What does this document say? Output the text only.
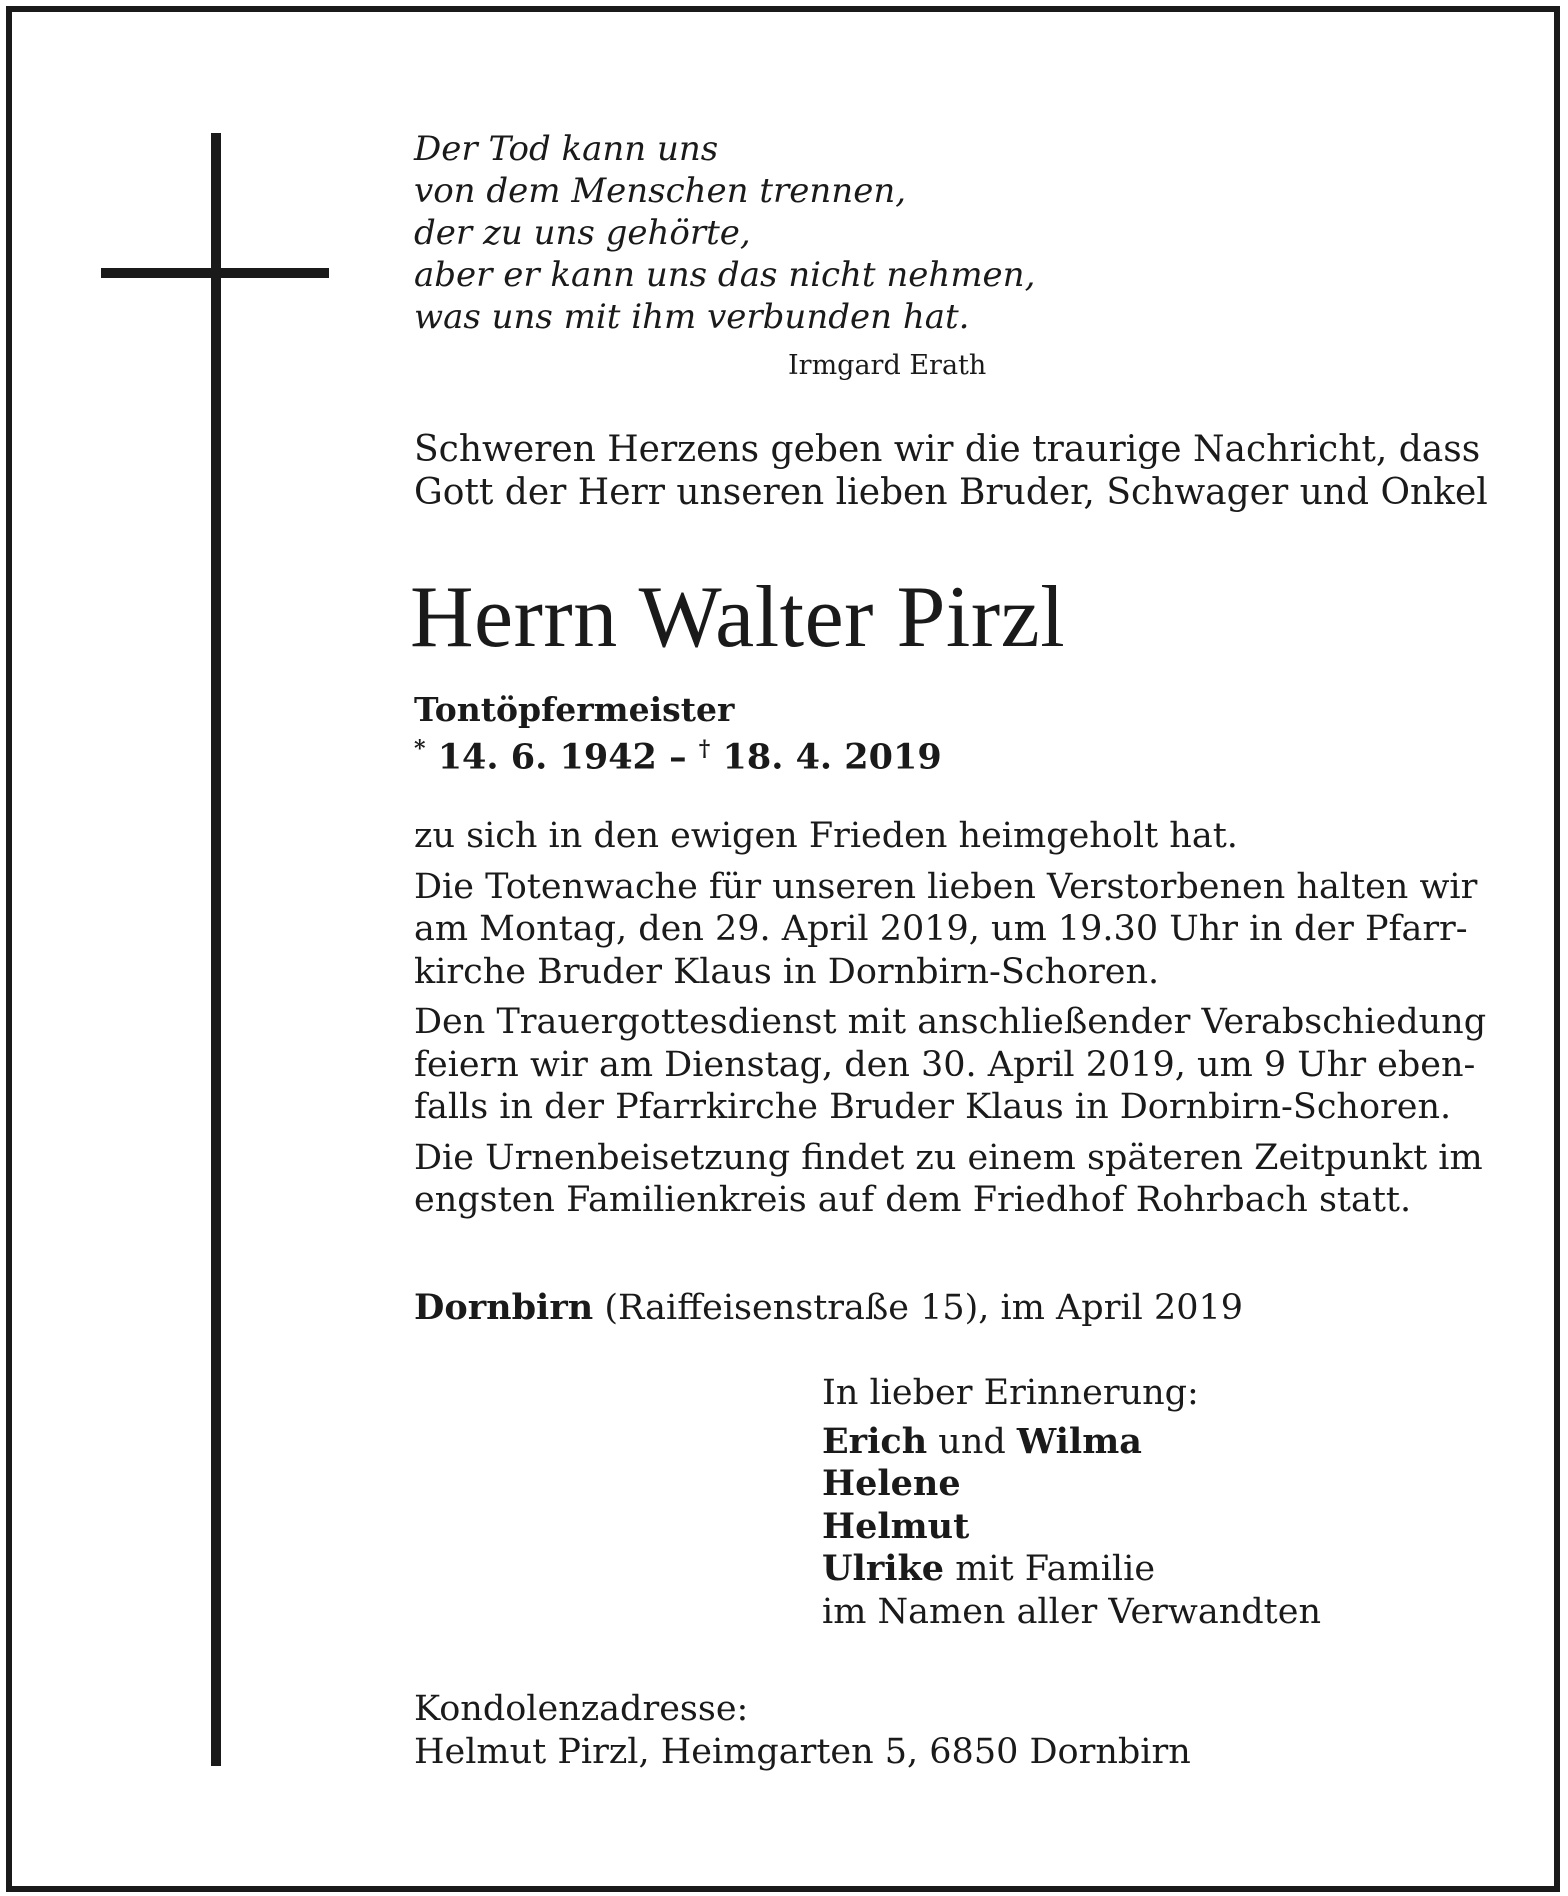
Der Tod kann uns
von dem Menschen trennen,
der zu uns gehörte,
aber er kann uns das nicht nehmen,
was uns mit ihm verbunden hat.
Irmgard Erath
Schweren Herzens geben wir die traurige Nachricht, dass
Gott der Herr unseren lieben Bruder, Schwager und Onkel
Herrn Walter Pirzl
Tontöpfermeister
* 14. 6. 1942 – † 18. 4. 2019
zu sich in den ewigen Frieden heimgeholt hat.
Die Totenwache für unseren lieben Verstorbenen halten wir
am Montag, den 29. April 2019, um 19.30 Uhr in der Pfarr-
kirche Bruder Klaus in Dornbirn-Schoren.
Den Trauergottesdienst mit anschließender Verabschiedung
feiern wir am Dienstag, den 30. April 2019, um 9 Uhr eben-
falls in der Pfarrkirche Bruder Klaus in Dornbirn-Schoren.
Die Urnenbeisetzung findet zu einem späteren Zeitpunkt im
engsten Familienkreis auf dem Friedhof Rohrbach statt.
Dornbirn (Raiffeisenstraße 15), im April 2019
In lieber Erinnerung:
Erich und Wilma
Helene
Helmut
Ulrike mit Familie
im Namen aller Verwandten
Kondolenzadresse:
Helmut Pirzl, Heimgarten 5, 6850 Dornbirn
